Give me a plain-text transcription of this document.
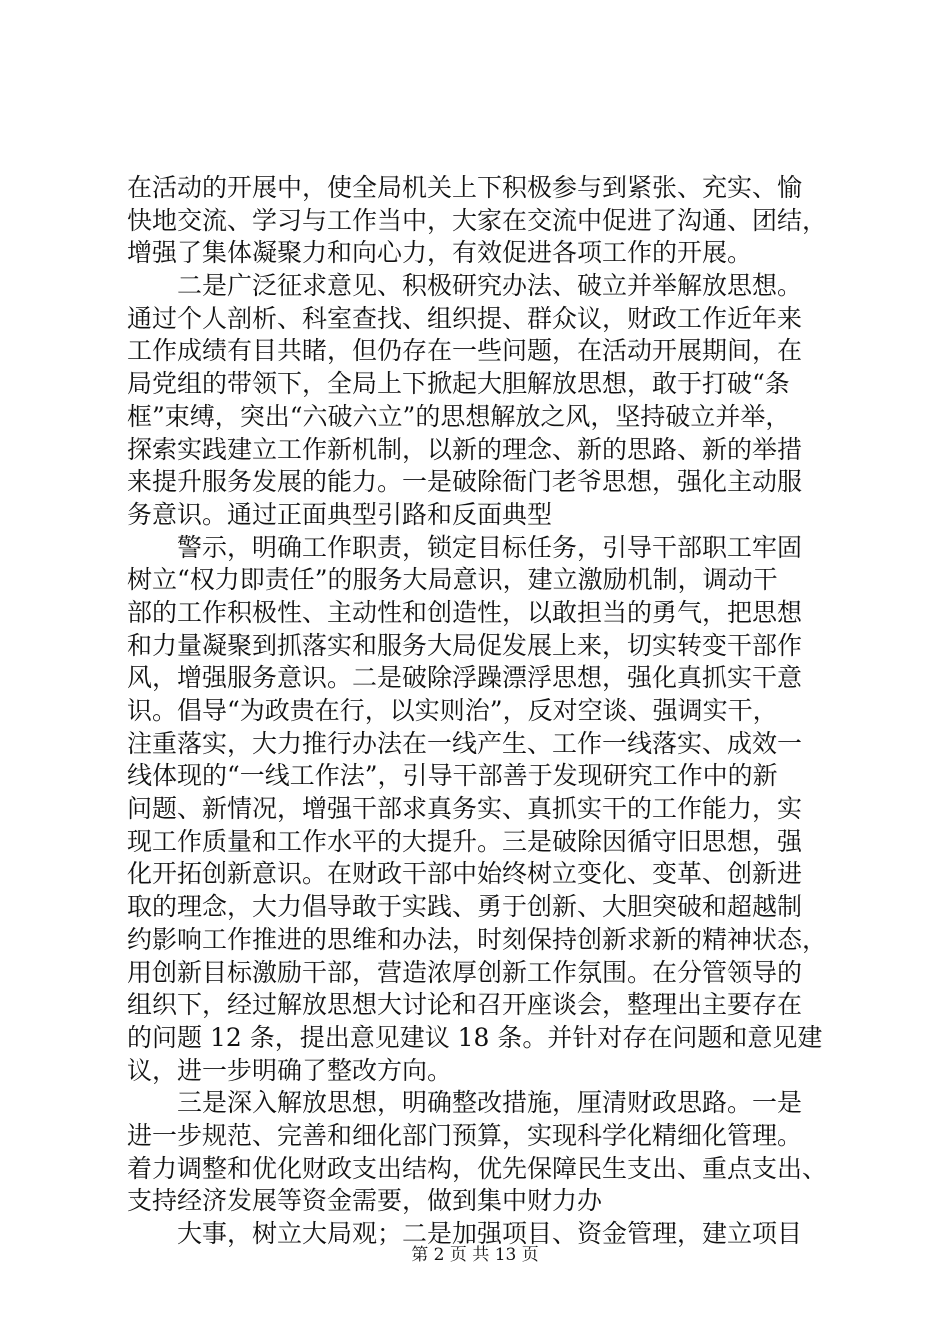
在活动的开展中，使全局机关上下积极参与到紧张、充实、愉
快地交流、学习与工作当中，大家在交流中促进了沟通、团结，
增强了集体凝聚力和向心力，有效促进各项工作的开展。
二是广泛征求意见、积极研究办法、破立并举解放思想。
通过个人剖析、科室查找、组织提、群众议，财政工作近年来
工作成绩有目共睹，但仍存在一些问题，在活动开展期间，在
局党组的带领下，全局上下掀起大胆解放思想，敢于打破“条
框”束缚，突出“六破六立”的思想解放之风，坚持破立并举，
探索实践建立工作新机制，以新的理念、新的思路、新的举措
来提升服务发展的能力。一是破除衙门老爷思想，强化主动服
务意识。通过正面典型引路和反面典型
警示，明确工作职责，锁定目标任务，引导干部职工牢固
树立“权力即责任”的服务大局意识，建立激励机制，调动干
部的工作积极性、主动性和创造性，以敢担当的勇气，把思想
和力量凝聚到抓落实和服务大局促发展上来，切实转变干部作
风，增强服务意识。二是破除浮躁漂浮思想，强化真抓实干意
识。倡导“为政贵在行，以实则治”，反对空谈、强调实干，
注重落实，大力推行办法在一线产生、工作一线落实、成效一
线体现的“一线工作法”，引导干部善于发现研究工作中的新
问题、新情况，增强干部求真务实、真抓实干的工作能力，实
现工作质量和工作水平的大提升。三是破除因循守旧思想，强
化开拓创新意识。在财政干部中始终树立变化、变革、创新进
取的理念，大力倡导敢于实践、勇于创新、大胆突破和超越制
约影响工作推进的思维和办法，时刻保持创新求新的精神状态，
用创新目标激励干部，营造浓厚创新工作氛围。在分管领导的
组织下，经过解放思想大讨论和召开座谈会，整理出主要存在
的问题 12 条，提出意见建议 18 条。并针对存在问题和意见建
议，进一步明确了整改方向。
三是深入解放思想，明确整改措施，厘清财政思路。一是
进一步规范、完善和细化部门预算，实现科学化精细化管理。
着力调整和优化财政支出结构，优先保障民生支出、重点支出、
支持经济发展等资金需要，做到集中财力办
大事，树立大局观；二是加强项目、资金管理，建立项目
第 2 页 共 13 页
